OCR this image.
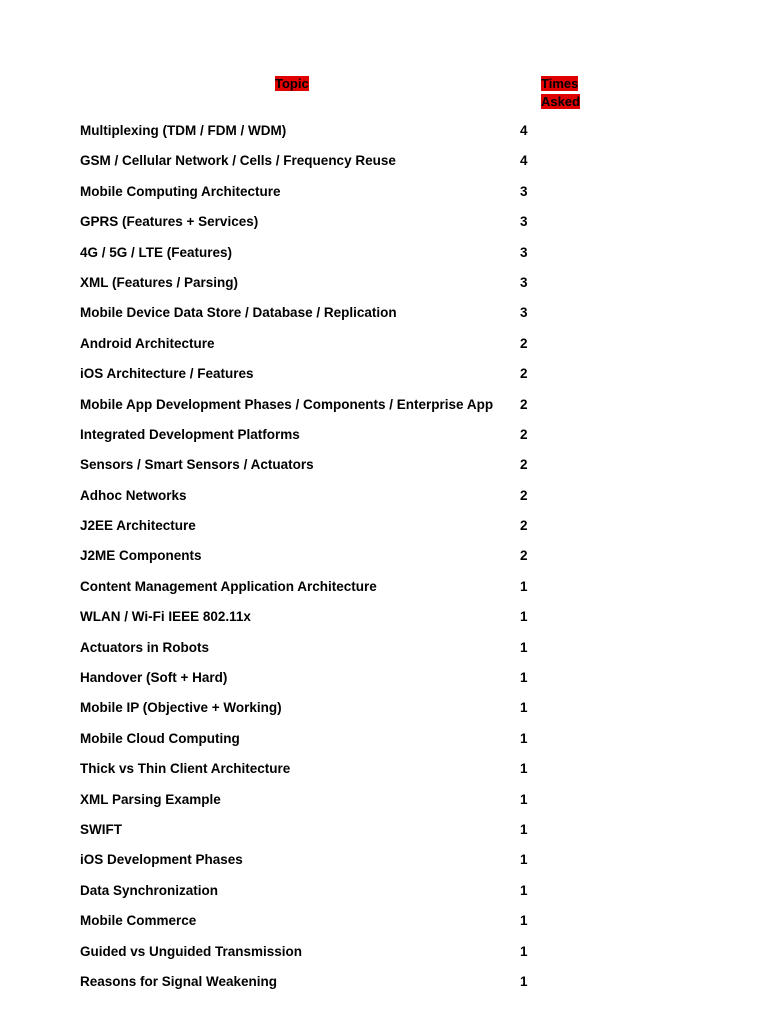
Topic	Times Asked
Multiplexing (TDM / FDM / WDM)	4
GSM / Cellular Network / Cells / Frequency Reuse	4
Mobile Computing Architecture	3
GPRS (Features + Services)	3
4G / 5G / LTE (Features)	3
XML (Features / Parsing)	3
Mobile Device Data Store / Database / Replication	3
Android Architecture	2
iOS Architecture / Features	2
Mobile App Development Phases / Components / Enterprise App	2
Integrated Development Platforms	2
Sensors / Smart Sensors / Actuators	2
Adhoc Networks	2
J2EE Architecture	2
J2ME Components	2
Content Management Application Architecture	1
WLAN / Wi-Fi IEEE 802.11x	1
Actuators in Robots	1
Handover (Soft + Hard)	1
Mobile IP (Objective + Working)	1
Mobile Cloud Computing	1
Thick vs Thin Client Architecture	1
XML Parsing Example	1
SWIFT	1
iOS Development Phases	1
Data Synchronization	1
Mobile Commerce	1
Guided vs Unguided Transmission	1
Reasons for Signal Weakening	1
